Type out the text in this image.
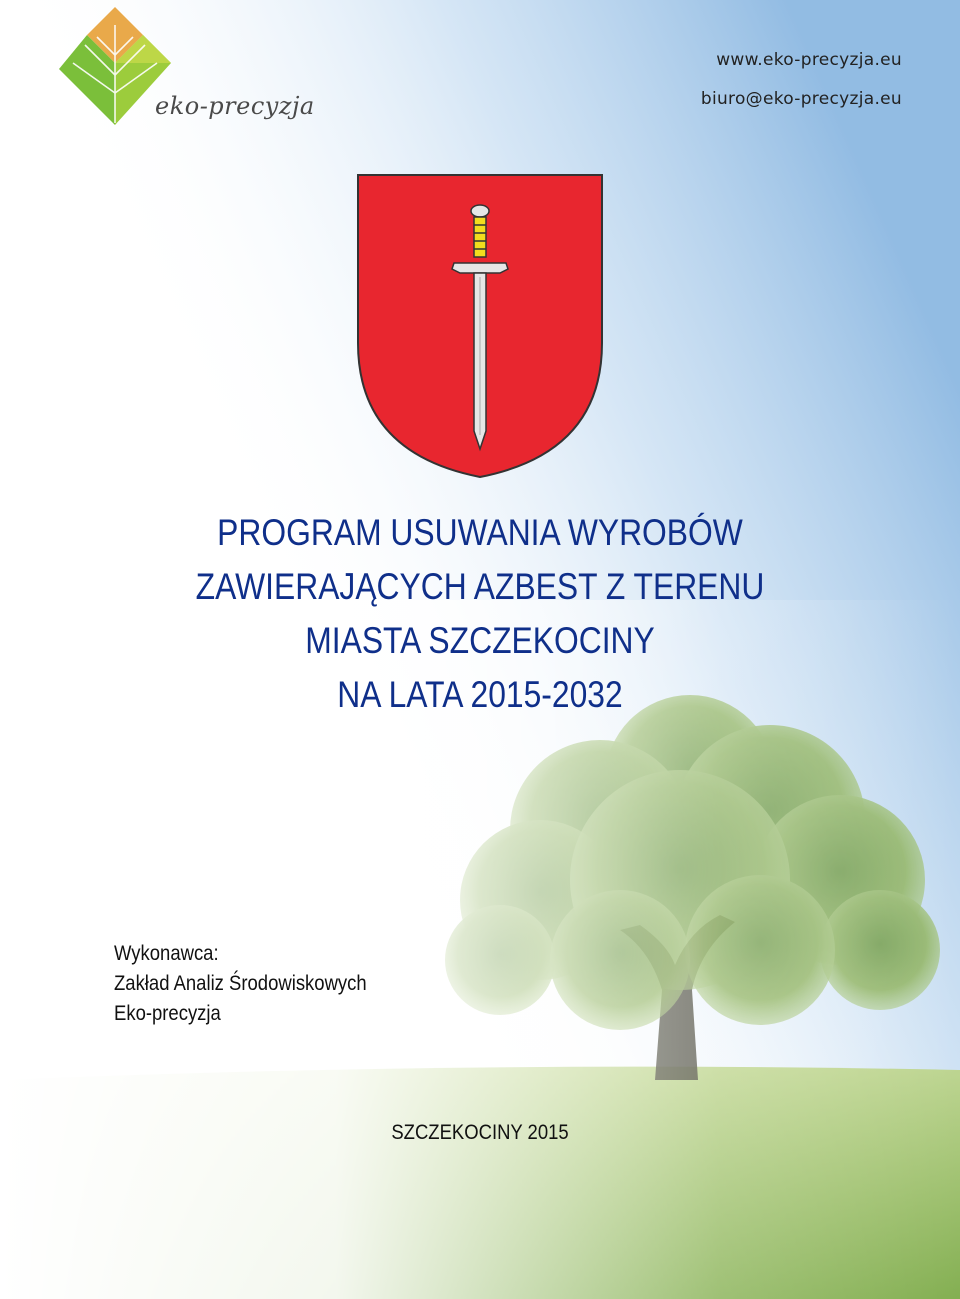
eko-precyzja
www.eko-precyzja.eu
biuro@eko-precyzja.eu
PROGRAM USUWANIA WYROBÓW
ZAWIERAJĄCYCH AZBEST Z TERENU
MIASTA SZCZEKOCINY
NA LATA 2015-2032
Wykonawca:
Zakład Analiz Środowiskowych
Eko-precyzja
SZCZEKOCINY 2015
